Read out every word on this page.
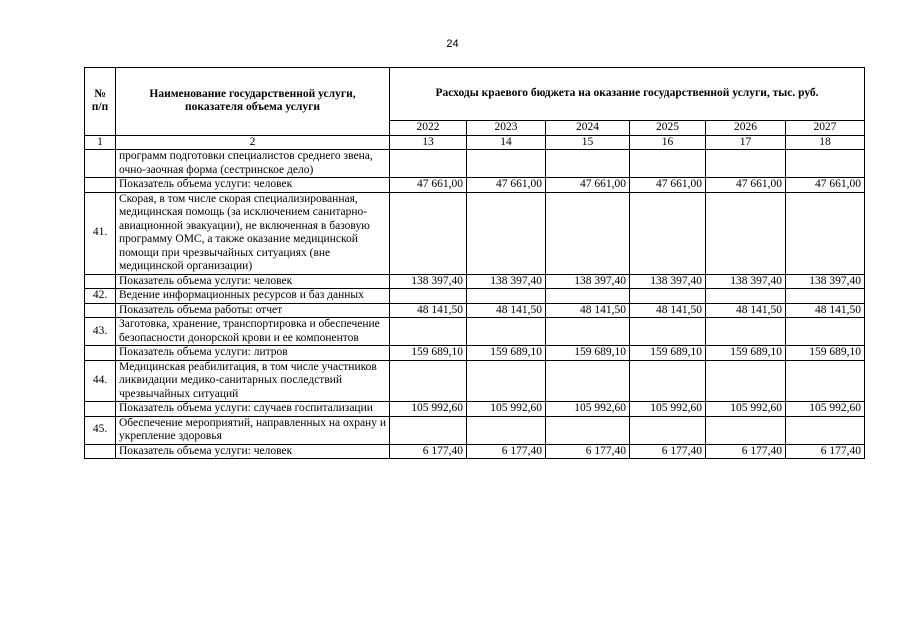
24
№ п/п	Наименование государственной услуги, показателя объема услуги	Расходы краевого бюджета на оказание государственной услуги, тыс. руб.					
		2022	2023	2024	2025	2026	2027
1	2	13	14	15	16	17	18
	программ подготовки специалистов среднего звена, очно-заочная форма (сестринское дело)						
	Показатель объема услуги: человек	47 661,00	47 661,00	47 661,00	47 661,00	47 661,00	47 661,00
41.	Скорая, в том числе скорая специализированная, медицинская помощь (за исключением санитарно-авиационной эвакуации), не включенная в базовую программу ОМС, а также оказание медицинской помощи при чрезвычайных ситуациях (вне медицинской организации)						
	Показатель объема услуги: человек	138 397,40	138 397,40	138 397,40	138 397,40	138 397,40	138 397,40
42.	Ведение информационных ресурсов и баз данных						
	Показатель объема работы: отчет	48 141,50	48 141,50	48 141,50	48 141,50	48 141,50	48 141,50
43.	Заготовка, хранение, транспортировка и обеспечение безопасности донорской крови и ее компонентов						
	Показатель объема услуги: литров	159 689,10	159 689,10	159 689,10	159 689,10	159 689,10	159 689,10
44.	Медицинская реабилитация, в том числе участников ликвидации медико-санитарных последствий чрезвычайных ситуаций						
	Показатель объема услуги: случаев госпитализации	105 992,60	105 992,60	105 992,60	105 992,60	105 992,60	105 992,60
45.	Обеспечение мероприятий, направленных на охрану и укрепление здоровья						
	Показатель объема услуги: человек	6 177,40	6 177,40	6 177,40	6 177,40	6 177,40	6 177,40
